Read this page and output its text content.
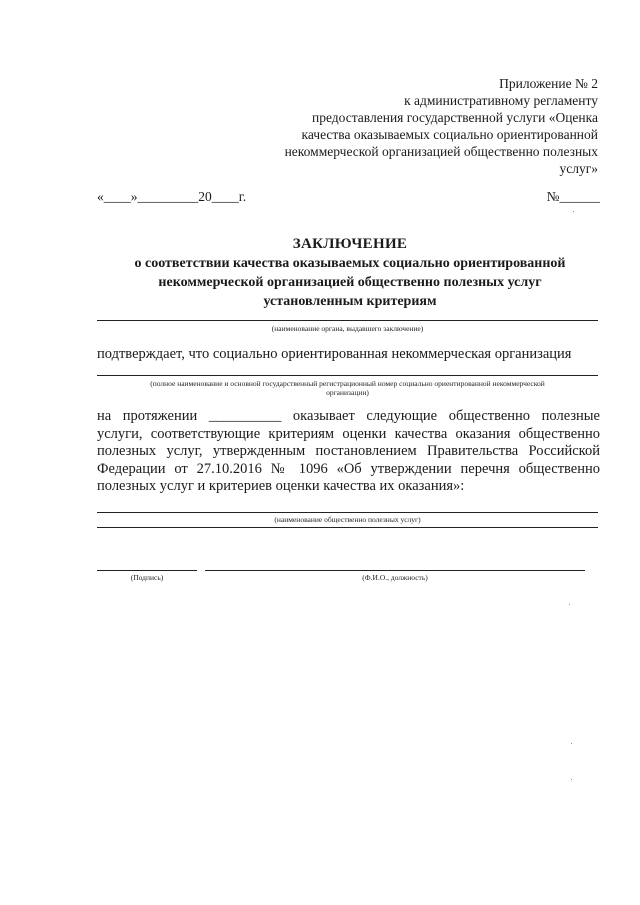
Приложение № 2
к административному регламенту
предоставления государственной услуги «Оценка
качества оказываемых социально ориентированной
некоммерческой организацией общественно полезных
услуг»
«____»_________20____г.	№______
ЗАКЛЮЧЕНИЕ
о соответствии качества оказываемых социально ориентированной
некоммерческой организацией общественно полезных услуг
установленным критериям
(наименование органа, выдавшего заключение)
подтверждает, что социально ориентированная некоммерческая организация
(полное наименование и основной государственный регистрационный номер социально ориентированной некоммерческой
организации)
на протяжении __________ оказывает следующие общественно полезные
услуги, соответствующие критериям оценки качества оказания общественно
полезных услуг, утвержденным постановлением Правительства Российской
Федерации от 27.10.2016 № 1096 «Об утверждении перечня общественно
полезных услуг и критериев оценки качества их оказания»:
(наименование общественно полезных услуг)
(Подпись)	(Ф.И.О., должность)
